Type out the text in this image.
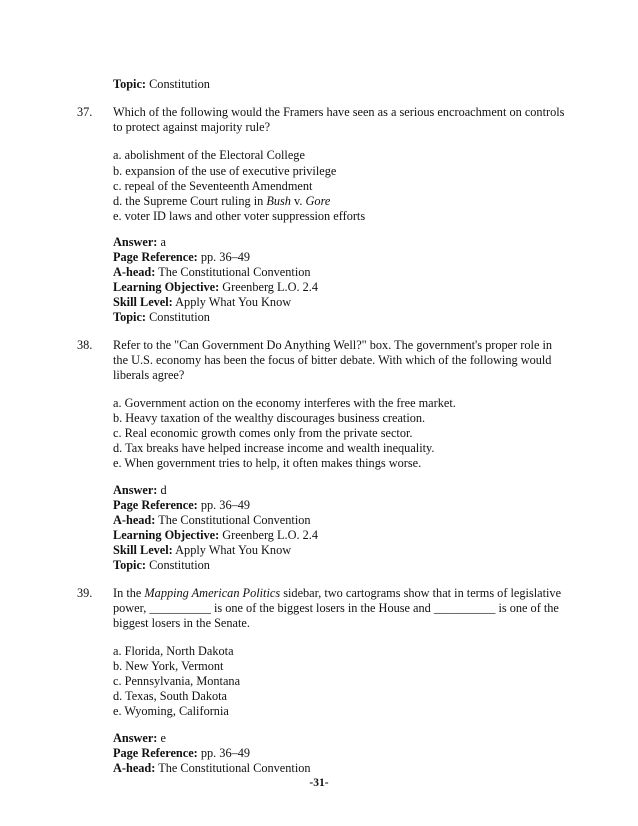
Topic: Constitution
37. Which of the following would the Framers have seen as a serious encroachment on controls
to protect against majority rule?
a. abolishment of the Electoral College
b. expansion of the use of executive privilege
c. repeal of the Seventeenth Amendment
d. the Supreme Court ruling in Bush v. Gore
e. voter ID laws and other voter suppression efforts
Answer: a
Page Reference: pp. 36–49
A-head: The Constitutional Convention
Learning Objective: Greenberg L.O. 2.4
Skill Level: Apply What You Know
Topic: Constitution
38. Refer to the "Can Government Do Anything Well?" box. The government's proper role in
the U.S. economy has been the focus of bitter debate. With which of the following would
liberals agree?
a. Government action on the economy interferes with the free market.
b. Heavy taxation of the wealthy discourages business creation.
c. Real economic growth comes only from the private sector.
d. Tax breaks have helped increase income and wealth inequality.
e. When government tries to help, it often makes things worse.
Answer: d
Page Reference: pp. 36–49
A-head: The Constitutional Convention
Learning Objective: Greenberg L.O. 2.4
Skill Level: Apply What You Know
Topic: Constitution
39. In the Mapping American Politics sidebar, two cartograms show that in terms of legislative
power, __________ is one of the biggest losers in the House and __________ is one of the
biggest losers in the Senate.
a. Florida, North Dakota
b. New York, Vermont
c. Pennsylvania, Montana
d. Texas, South Dakota
e. Wyoming, California
Answer: e
Page Reference: pp. 36–49
A-head: The Constitutional Convention
-31-
